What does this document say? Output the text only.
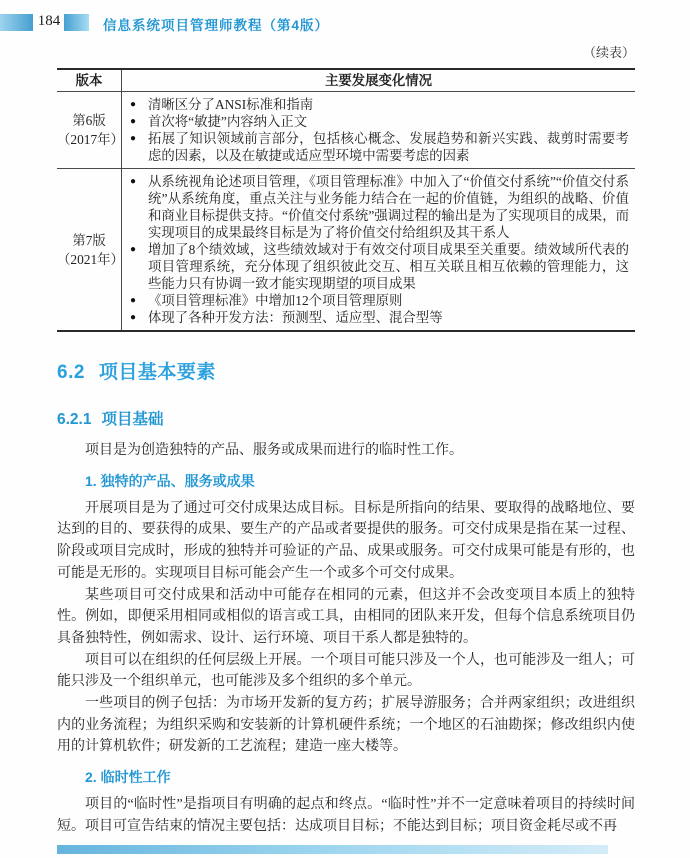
184	信息系统项目管理师教程（第4版）
（续表）
版本	主要发展变化情况
第6版
（2017年）
● 清晰区分了ANSI标准和指南
● 首次将“敏捷”内容纳入正文
● 拓展了知识领域前言部分，包括核心概念、发展趋势和新兴实践、裁剪时需要考虑的因素，以及在敏捷或适应型环境中需要考虑的因素
第7版
（2021年）
● 从系统视角论述项目管理，《项目管理标准》中加入了“价值交付系统”“价值交付系统”从系统角度，重点关注与业务能力结合在一起的价值链，为组织的战略、价值和商业目标提供支持。“价值交付系统”强调过程的输出是为了实现项目的成果，而实现项目的成果最终目标是为了将价值交付给组织及其干系人
● 增加了8个绩效域，这些绩效域对于有效交付项目成果至关重要。绩效域所代表的项目管理系统，充分体现了组织彼此交互、相互关联且相互依赖的管理能力，这些能力只有协调一致才能实现期望的项目成果
● 《项目管理标准》中增加12个项目管理原则
● 体现了各种开发方法：预测型、适应型、混合型等
6.2 项目基本要素
6.2.1 项目基础

项目是为创造独特的产品、服务或成果而进行的临时性工作。

1. 独特的产品、服务或成果

开展项目是为了通过可交付成果达成目标。目标是所指向的结果、要取得的战略地位、要达到的目的、要获得的成果、要生产的产品或者要提供的服务。可交付成果是指在某一过程、阶段或项目完成时，形成的独特并可验证的产品、成果或服务。可交付成果可能是有形的，也可能是无形的。实现项目目标可能会产生一个或多个可交付成果。

某些项目可交付成果和活动中可能存在相同的元素，但这并不会改变项目本质上的独特性。例如，即便采用相同或相似的语言或工具，由相同的团队来开发，但每个信息系统项目仍具备独特性，例如需求、设计、运行环境、项目干系人都是独特的。

项目可以在组织的任何层级上开展。一个项目可能只涉及一个人，也可能涉及一组人；可能只涉及一个组织单元，也可能涉及多个组织的多个单元。

一些项目的例子包括：为市场开发新的复方药；扩展导游服务；合并两家组织；改进组织内的业务流程；为组织采购和安装新的计算机硬件系统；一个地区的石油勘探；修改组织内使用的计算机软件；研发新的工艺流程；建造一座大楼等。

2. 临时性工作

项目的“临时性”是指项目有明确的起点和终点。“临时性”并不一定意味着项目的持续时间短。项目可宣告结束的情况主要包括：达成项目目标；不能达到目标；项目资金耗尽或不再
